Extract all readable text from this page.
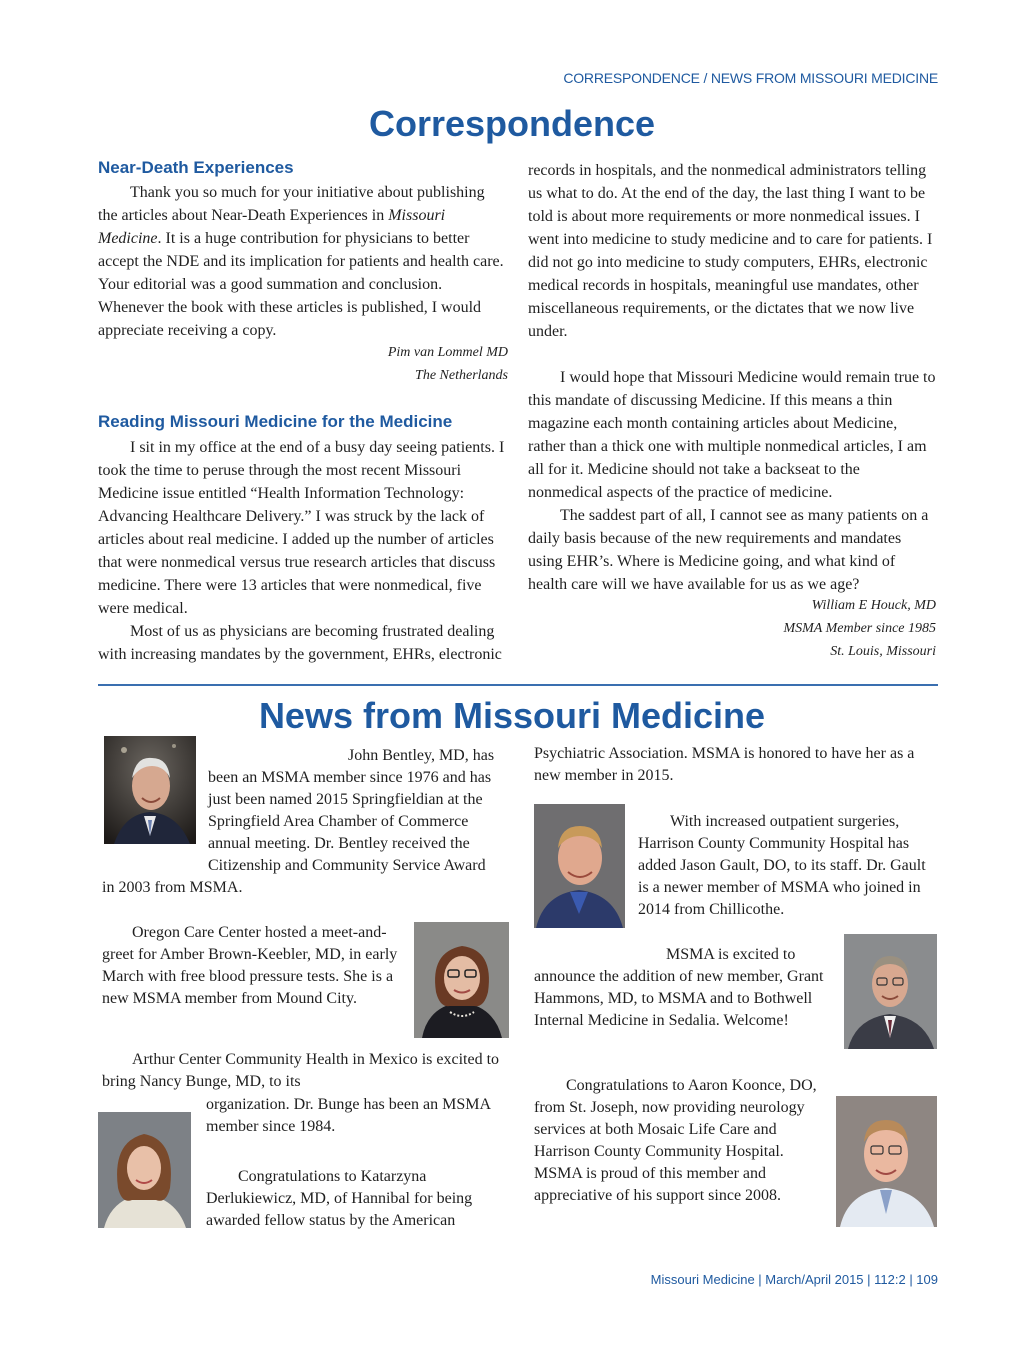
CORRESPONDENCE / NEWS FROM MISSOURI MEDICINE
Correspondence
Near-Death Experiences

Thank you so much for your initiative about publishing the articles about Near-Death Experiences in Missouri Medicine. It is a huge contribution for physicians to better accept the NDE and its implication for patients and health care. Your editorial was a good summation and conclusion. Whenever the book with these articles is published, I would appreciate receiving a copy.

Pim van Lommel MD
The Netherlands
Reading Missouri Medicine for the Medicine

I sit in my office at the end of a busy day seeing patients. I took the time to peruse through the most recent Missouri Medicine issue entitled “Health Information Technology: Advancing Healthcare Delivery.” I was struck by the lack of articles about real medicine. I added up the number of articles that were nonmedical versus true research articles that discuss medicine. There were 13 articles that were nonmedical, five were medical.

Most of us as physicians are becoming frustrated dealing with increasing mandates by the government, EHRs, electronic

records in hospitals, and the nonmedical administrators telling us what to do. At the end of the day, the last thing I want to be told is about more requirements or more nonmedical issues. I went into medicine to study medicine and to care for patients. I did not go into medicine to study computers, EHRs, electronic medical records in hospitals, meaningful use mandates, other miscellaneous requirements, or the dictates that we now live under.

I would hope that Missouri Medicine would remain true to this mandate of discussing Medicine. If this means a thin magazine each month containing articles about Medicine, rather than a thick one with multiple nonmedical articles, I am all for it. Medicine should not take a backseat to the nonmedical aspects of the practice of medicine.

The saddest part of all, I cannot see as many patients on a daily basis because of the new requirements and mandates using EHR’s. Where is Medicine going, and what kind of health care will we have available for us as we age?

William E Houck, MD
MSMA Member since 1985
St. Louis, Missouri
News from Missouri Medicine
John Bentley, MD, has been an MSMA member since 1976 and has just been named 2015 Springfieldian at the Springfield Area Chamber of Commerce annual meeting. Dr. Bentley received the Citizenship and Community Service Award in 2003 from MSMA.

Oregon Care Center hosted a meet-and-greet for Amber Brown-Keebler, MD, in early March with free blood pressure tests. She is a new MSMA member from Mound City.

Arthur Center Community Health in Mexico is excited to bring Nancy Bunge, MD, to its

organization. Dr. Bunge has been an MSMA member since 1984.

Congratulations to Katarzyna Derlukiewicz, MD, of Hannibal for being awarded fellow status by the American

Psychiatric Association. MSMA is honored to have her as a new member in 2015.

With increased outpatient surgeries, Harrison County Community Hospital has added Jason Gault, DO, to its staff. Dr. Gault is a newer member of MSMA who joined in 2014 from Chillicothe.

MSMA is excited to announce the addition of new member, Grant Hammons, MD, to MSMA and to Bothwell Internal Medicine in Sedalia. Welcome!

Congratulations to Aaron Koonce, DO, from St. Joseph, now providing neurology services at both Mosaic Life Care and Harrison County Community Hospital. MSMA is proud of this member and appreciative of his support since 2008.

Missouri Medicine | March/April 2015 | 112:2 | 109
